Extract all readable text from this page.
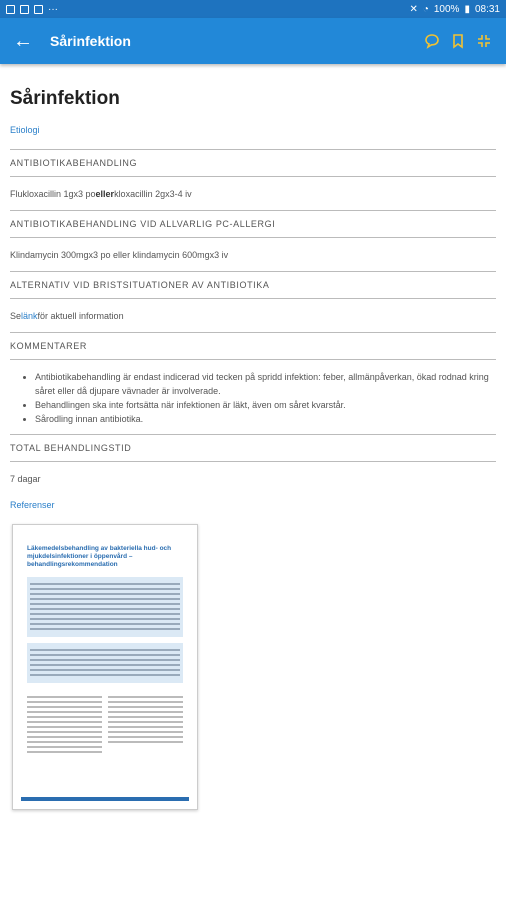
···	✕ ◔ 100% ▮ 08:31
←	Sårinfektion
Sårinfektion
Etiologi
ANTIBIOTIKABEHANDLING
Flukloxacillin 1gx3 po eller kloxacillin 2gx3-4 iv
ANTIBIOTIKABEHANDLING VID ALLVARLIG PC-ALLERGI
Klindamycin 300mgx3 po eller klindamycin 600mgx3 iv
ALTERNATIV VID BRISTSITUATIONER AV ANTIBIOTIKA
Se länk för aktuell information
KOMMENTARER
• Antibiotikabehandling är endast indicerad vid tecken på spridd infektion: feber, allmänpåverkan, ökad rodnad kring såret eller då djupare vävnader är involverade.
• Behandlingen ska inte fortsätta när infektionen är läkt, även om såret kvarstår.
• Sårodling innan antibiotika.
TOTAL BEHANDLINGSTID
7 dagar
Referenser
Läkemedelsbehandling av bakteriella hud- och mjukdelsinfektioner i öppenvård – behandlingsrekommendation
